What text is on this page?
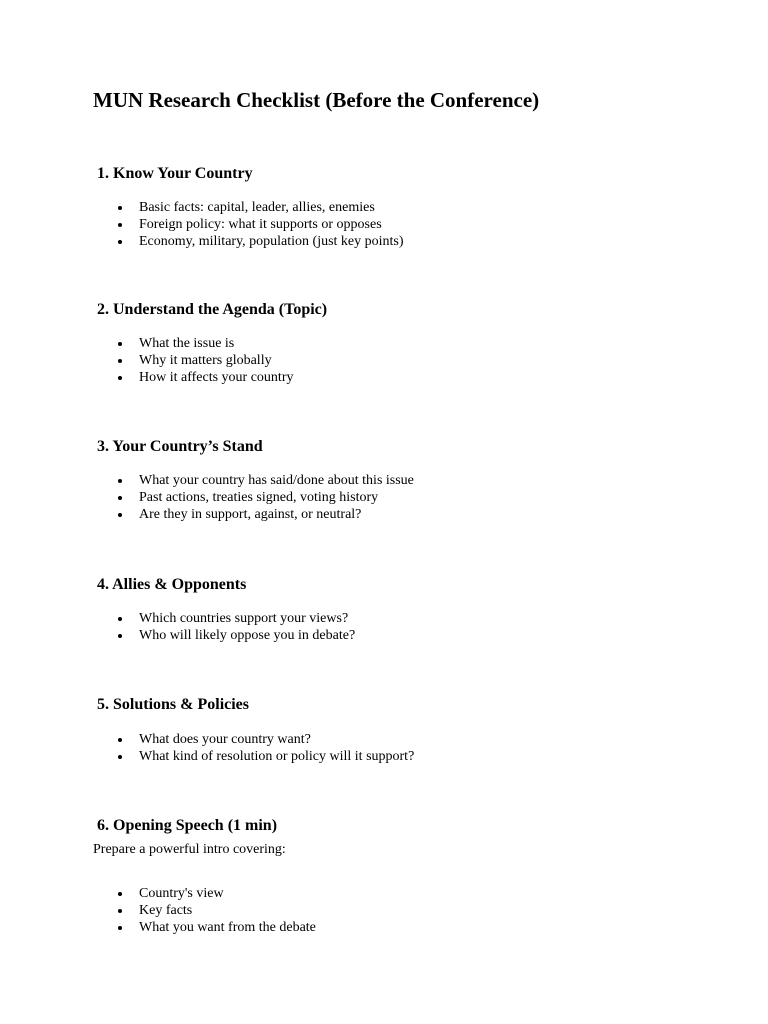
MUN Research Checklist (Before the Conference)
1. Know Your Country
Basic facts: capital, leader, allies, enemies
Foreign policy: what it supports or opposes
Economy, military, population (just key points)
2. Understand the Agenda (Topic)
What the issue is
Why it matters globally
How it affects your country
3. Your Country’s Stand
What your country has said/done about this issue
Past actions, treaties signed, voting history
Are they in support, against, or neutral?
4. Allies & Opponents
Which countries support your views?
Who will likely oppose you in debate?
5. Solutions & Policies
What does your country want?
What kind of resolution or policy will it support?
6. Opening Speech (1 min)

Prepare a powerful intro covering:

Country's view
Key facts
What you want from the debate
